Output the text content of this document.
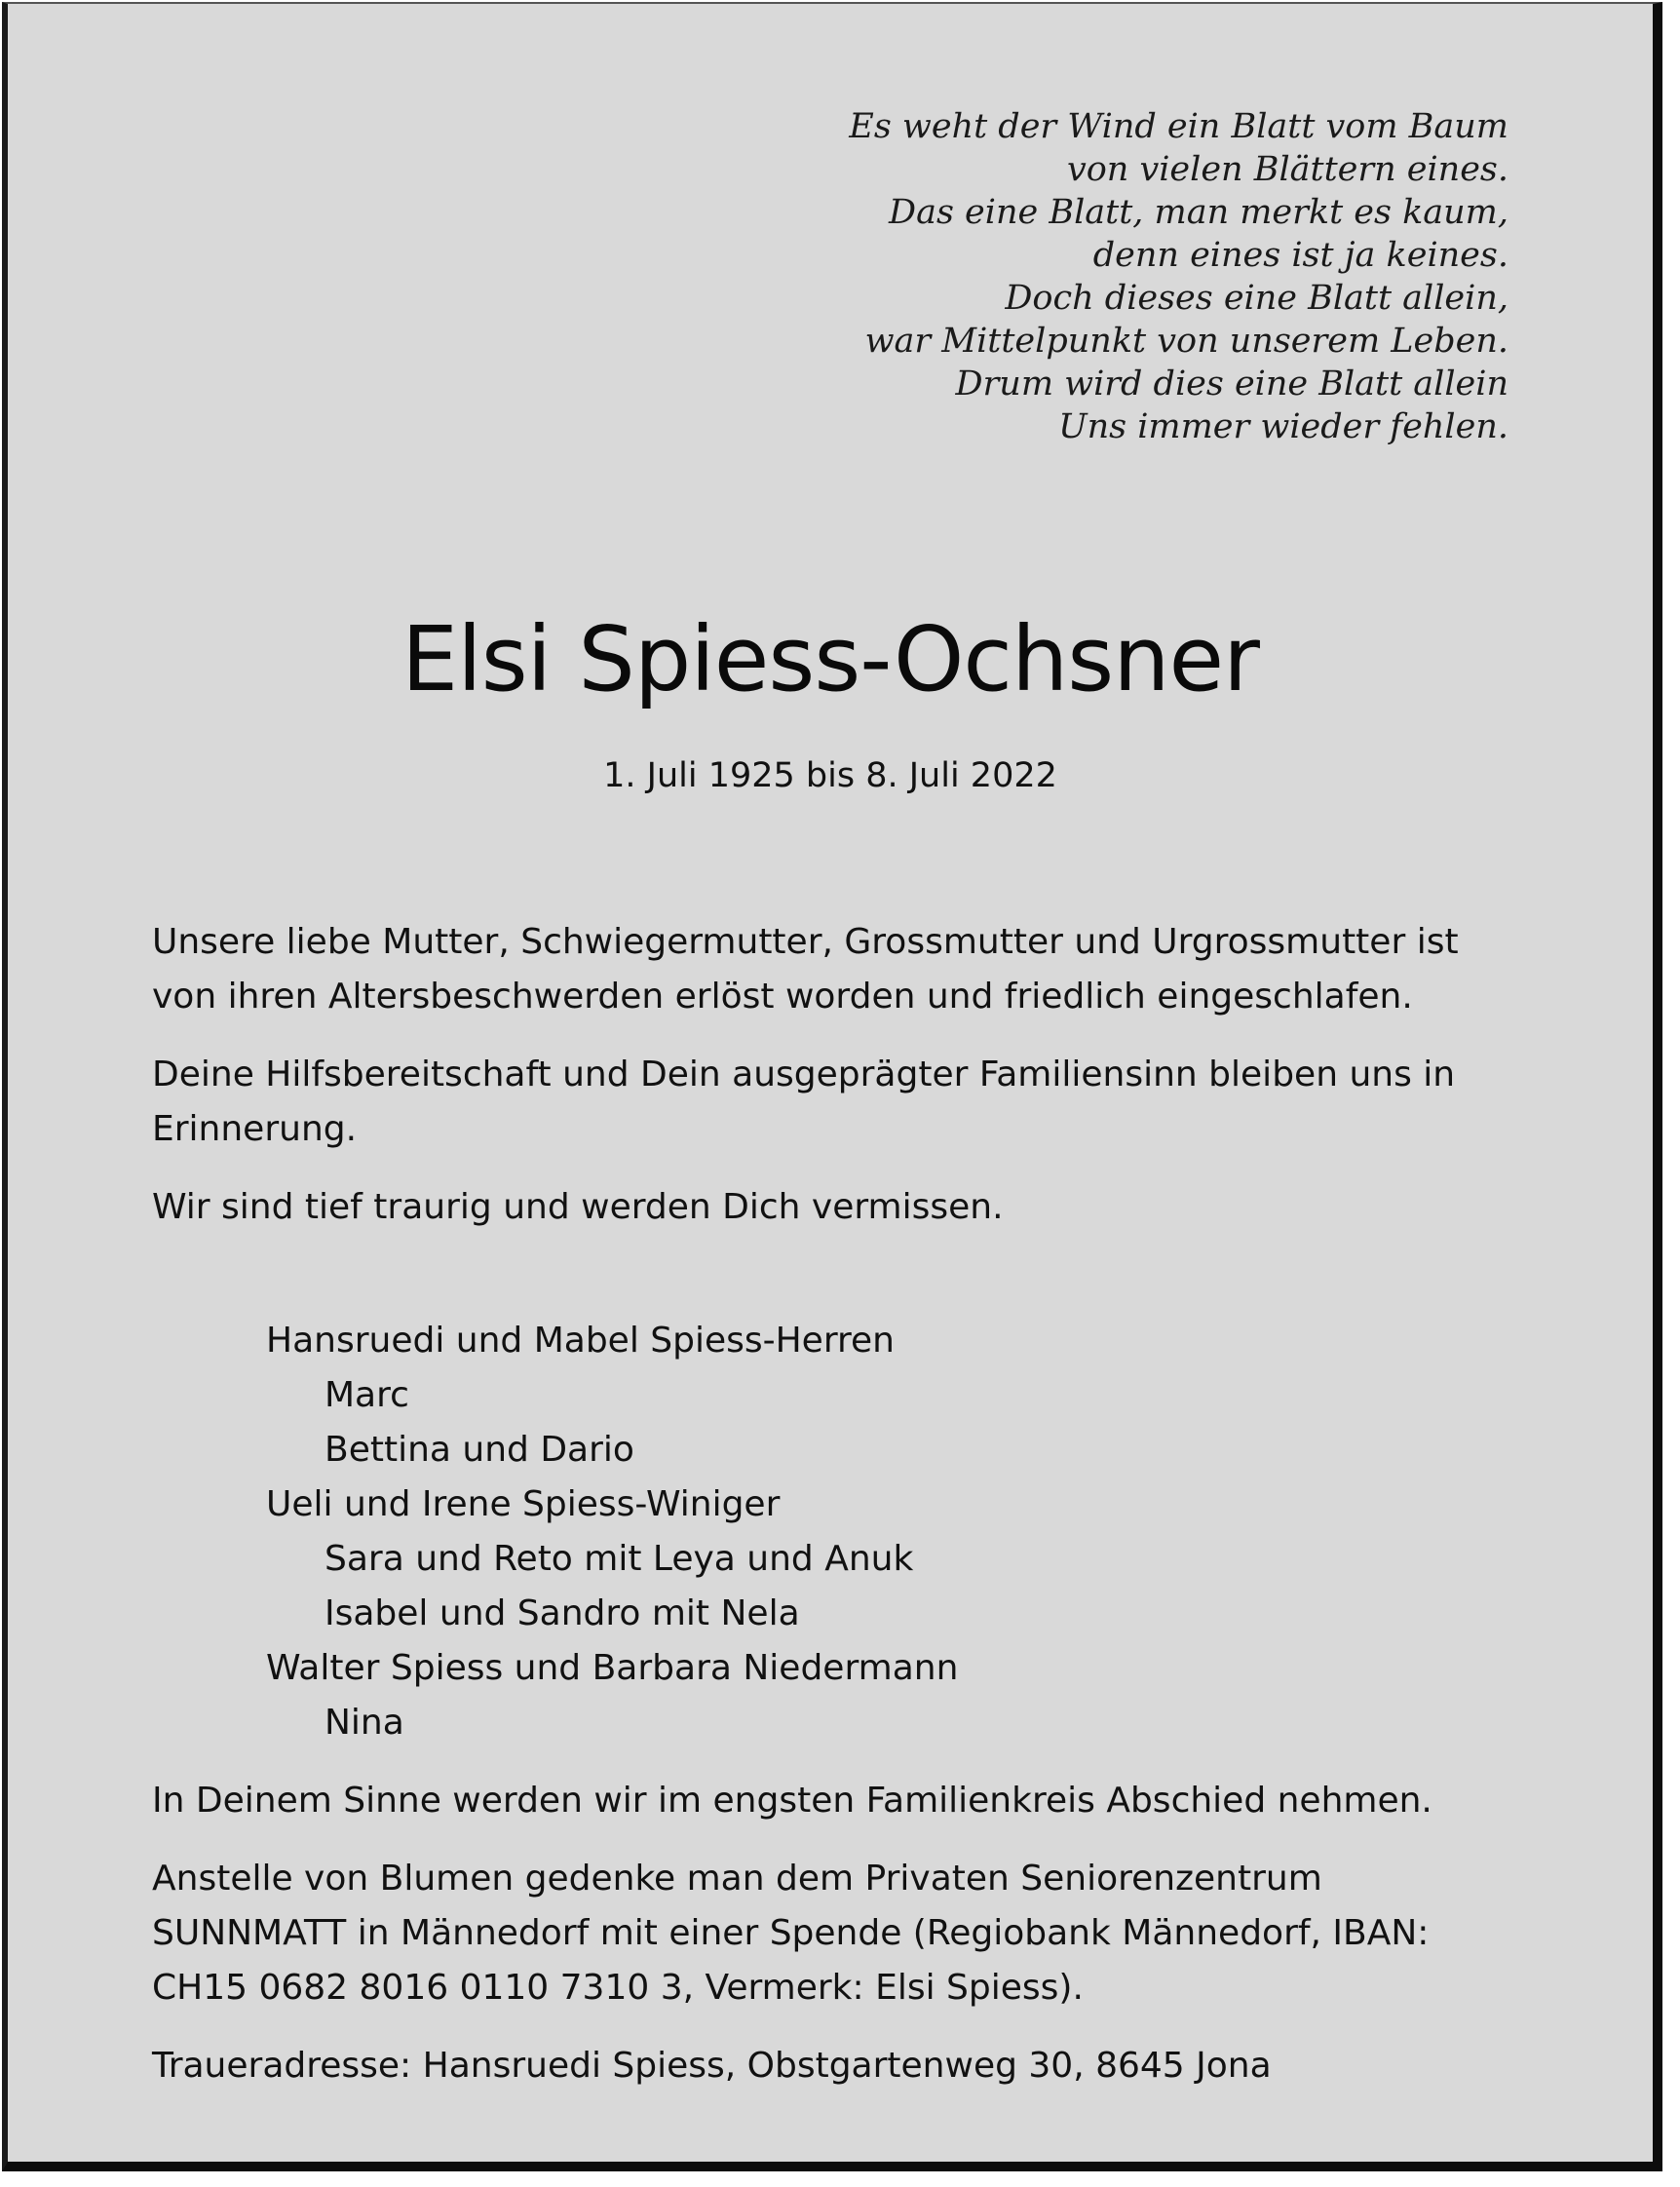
Es weht der Wind ein Blatt vom Baum
von vielen Blättern eines.
Das eine Blatt, man merkt es kaum,
denn eines ist ja keines.
Doch dieses eine Blatt allein,
war Mittelpunkt von unserem Leben.
Drum wird dies eine Blatt allein
Uns immer wieder fehlen.
Elsi Spiess-Ochsner
1. Juli 1925 bis 8. Juli 2022

Unsere liebe Mutter, Schwiegermutter, Grossmutter und Urgrossmutter ist

von ihren Altersbeschwerden erlöst worden und friedlich eingeschlafen.

Deine Hilfsbereitschaft und Dein ausgeprägter Familiensinn bleiben uns in

Erinnerung.

Wir sind tief traurig und werden Dich vermissen.

Hansruedi und Mabel Spiess-Herren
Marc
Bettina und Dario
Ueli und Irene Spiess-Winiger
Sara und Reto mit Leya und Anuk
Isabel und Sandro mit Nela
Walter Spiess und Barbara Niedermann
Nina

In Deinem Sinne werden wir im engsten Familienkreis Abschied nehmen.

Anstelle von Blumen gedenke man dem Privaten Seniorenzentrum

SUNNMATT in Männedorf mit einer Spende (Regiobank Männedorf, IBAN:

CH15 0682 8016 0110 7310 3, Vermerk: Elsi Spiess).

Traueradresse: Hansruedi Spiess, Obstgartenweg 30, 8645 Jona
